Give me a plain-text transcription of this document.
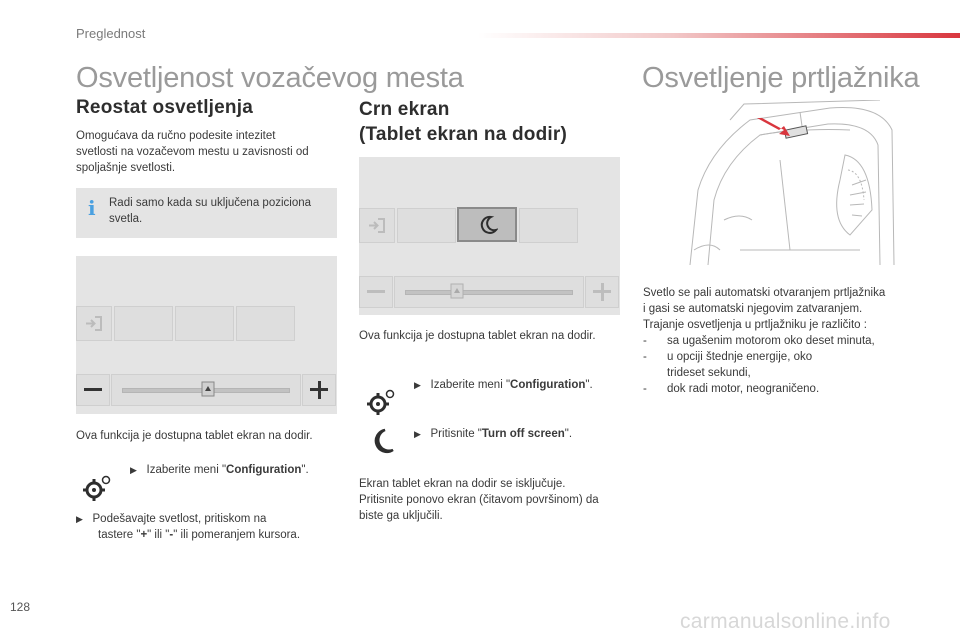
Preglednost
Osvetljenost vozačevog mesta	Osvetljenje prtljažnika
Reostat osvetljenja
Omogućava da ručno podesite intezitet
svetlosti na vozačevom mestu u zavisnosti od
spoljašnje svetlosti.
i Radi samo kada su uključena poziciona
svetla.
Ova funkcija je dostupna tablet ekran na dodir.
▶︎ Izaberite meni "Configuration".
▶︎ Podešavajte svetlost, pritiskom na
tastere "+" ili "-" ili pomeranjem kursora.
Crn ekran
(Tablet ekran na dodir)
Ova funkcija je dostupna tablet ekran na dodir.
▶︎ Izaberite meni "Configuration".
▶︎ Pritisnite "Turn off screen".
Ekran tablet ekran na dodir se isključuje.
Pritisnite ponovo ekran (čitavom površinom) da
biste ga uključili.
Svetlo se pali automatski otvaranjem prtljažnika
i gasi se automatski njegovim zatvaranjem.
Trajanje osvetljenja u prtljažniku je različito :
-	sa ugašenim motorom oko deset minuta,
-	u opciji štednje energije, oko
trideset sekundi,
-	dok radi motor, neograničeno.
128
carmanualsonline.info
